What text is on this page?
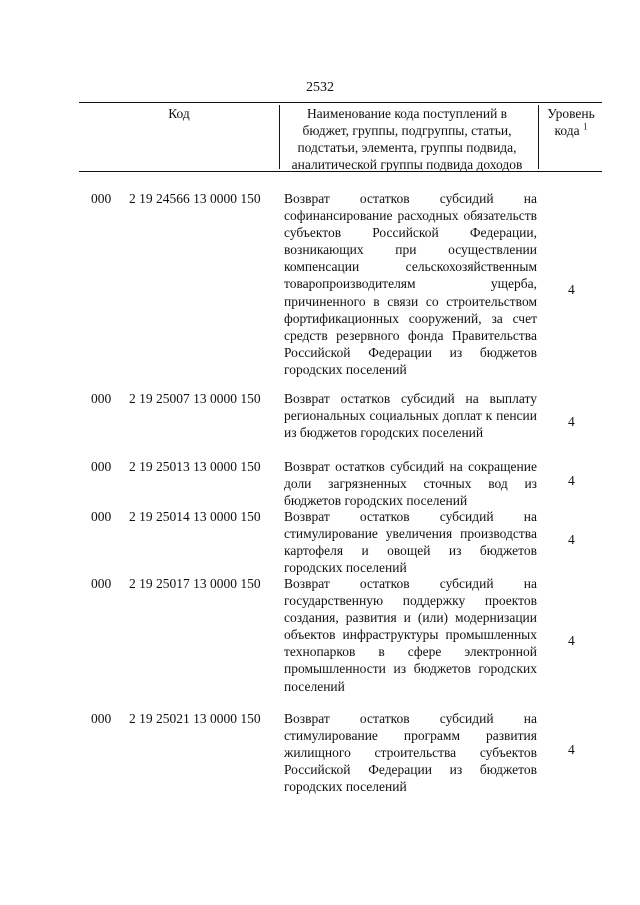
2532
Код	Наименование кода поступлений в
бюджет, группы, подгруппы, статьи,
подстатьи, элемента, группы подвида,
аналитической группы подвида доходов
Уровень
кода $^1$
000 2 19 24566 13 0000 150 Возврат остатков субсидий на софинансирование расходных обязательств субъектов Российской Федерации, возникающих при осуществлении компенсации сельскохозяйственным товаропроизводителям ущерба, причиненного в связи со строительством фортификационных сооружений, за счет средств резервного фонда Правительства Российской Федерации из бюджетов городских поселений
4
000 2 19 25007 13 0000 150 Возврат остатков субсидий на выплату региональных социальных доплат к пенсии из бюджетов городских поселений
4
000 2 19 25013 13 0000 150 Возврат остатков субсидий на сокращение доли загрязненных сточных вод из бюджетов городских поселений
4
000 2 19 25014 13 0000 150 Возврат остатков субсидий на стимулирование увеличения производства картофеля и овощей из бюджетов городских поселений
4
000 2 19 25017 13 0000 150 Возврат остатков субсидий на государственную поддержку проектов создания, развития и (или) модернизации объектов инфраструктуры промышленных технопарков в сфере электронной промышленности из бюджетов городских поселений
4
000 2 19 25021 13 0000 150 Возврат остатков субсидий на стимулирование программ развития жилищного строительства субъектов Российской Федерации из бюджетов городских поселений
4
